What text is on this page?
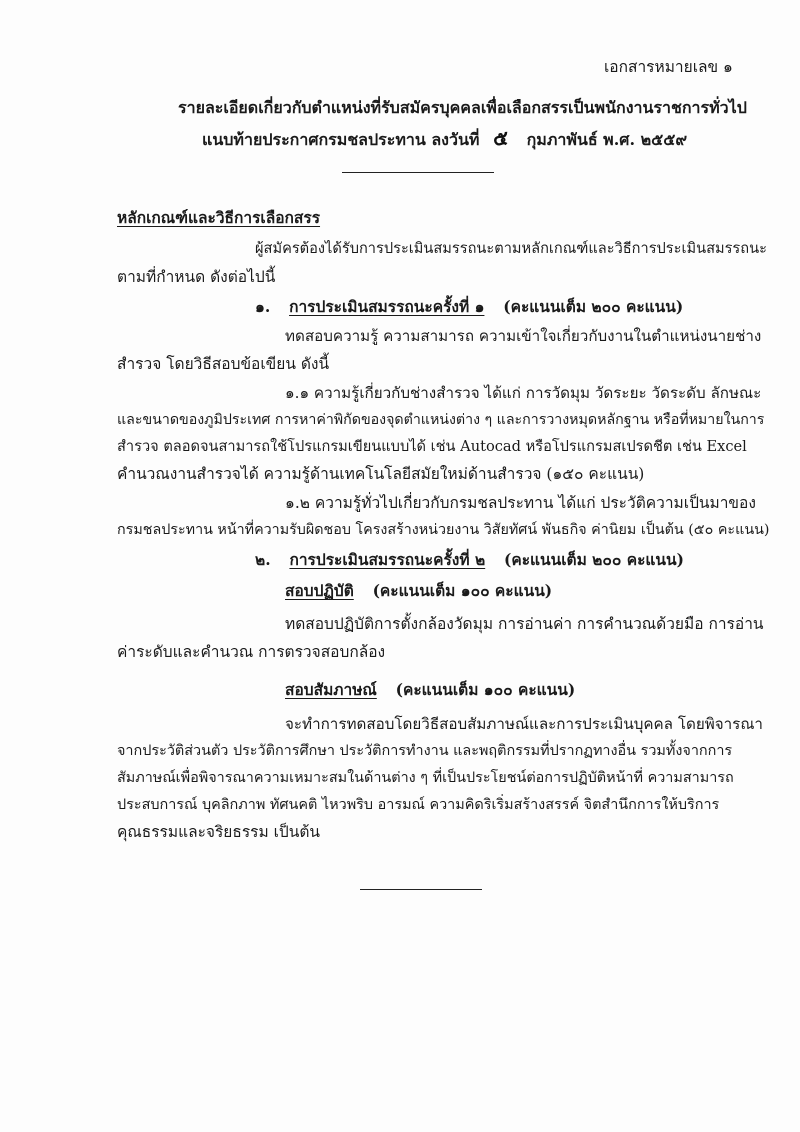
เอกสารหมายเลข ๑
รายละเอียดเกี่ยวกับตำแหน่งที่รับสมัครบุคคลเพื่อเลือกสรรเป็นพนักงานราชการทั่วไป
แนบท้ายประกาศกรมชลประทาน ลงวันที่ ๕ กุมภาพันธ์ พ.ศ. ๒๕๕๙
หลักเกณฑ์และวิธีการเลือกสรร
ผู้สมัครต้องได้รับการประเมินสมรรถนะตามหลักเกณฑ์และวิธีการประเมินสมรรถนะ
ตามที่กำหนด ดังต่อไปนี้
๑. การประเมินสมรรถนะครั้งที่ ๑ (คะแนนเต็ม ๒๐๐ คะแนน)
ทดสอบความรู้ ความสามารถ ความเข้าใจเกี่ยวกับงานในตำแหน่งนายช่าง
สำรวจ โดยวิธีสอบข้อเขียน ดังนี้
๑.๑ ความรู้เกี่ยวกับช่างสำรวจ ได้แก่ การวัดมุม วัดระยะ วัดระดับ ลักษณะ
และขนาดของภูมิประเทศ การหาค่าพิกัดของจุดตำแหน่งต่าง ๆ และการวางหมุดหลักฐาน หรือที่หมายในการ
สำรวจ ตลอดจนสามารถใช้โปรแกรมเขียนแบบได้ เช่น Autocad หรือโปรแกรมสเปรดชีต เช่น Excel
คำนวณงานสำรวจได้ ความรู้ด้านเทคโนโลยีสมัยใหม่ด้านสำรวจ (๑๕๐ คะแนน)
๑.๒ ความรู้ทั่วไปเกี่ยวกับกรมชลประทาน ได้แก่ ประวัติความเป็นมาของ
กรมชลประทาน หน้าที่ความรับผิดชอบ โครงสร้างหน่วยงาน วิสัยทัศน์ พันธกิจ ค่านิยม เป็นต้น (๕๐ คะแนน)
๒. การประเมินสมรรถนะครั้งที่ ๒ (คะแนนเต็ม ๒๐๐ คะแนน)
สอบปฏิบัติ (คะแนนเต็ม ๑๐๐ คะแนน)
ทดสอบปฏิบัติการตั้งกล้องวัดมุม การอ่านค่า การคำนวณด้วยมือ การอ่าน
ค่าระดับและคำนวณ การตรวจสอบกล้อง
สอบสัมภาษณ์ (คะแนนเต็ม ๑๐๐ คะแนน)
จะทำการทดสอบโดยวิธีสอบสัมภาษณ์และการประเมินบุคคล โดยพิจารณา
จากประวัติส่วนตัว ประวัติการศึกษา ประวัติการทำงาน และพฤติกรรมที่ปรากฏทางอื่น รวมทั้งจากการ
สัมภาษณ์เพื่อพิจารณาความเหมาะสมในด้านต่าง ๆ ที่เป็นประโยชน์ต่อการปฏิบัติหน้าที่ ความสามารถ
ประสบการณ์ บุคลิกภาพ ทัศนคติ ไหวพริบ อารมณ์ ความคิดริเริ่มสร้างสรรค์ จิตสำนึกการให้บริการ
คุณธรรมและจริยธรรม เป็นต้น
